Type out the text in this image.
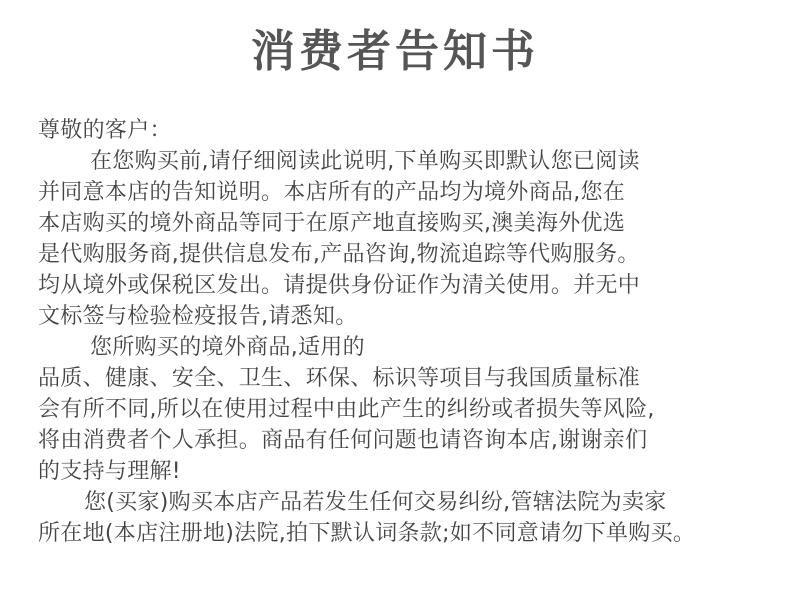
消费者告知书
尊敬的客户：
在您购买前,请仔细阅读此说明,下单购买即默认您已阅读
并同意本店的告知说明。本店所有的产品均为境外商品,您在
本店购买的境外商品等同于在原产地直接购买,澳美海外优选
是代购服务商,提供信息发布,产品咨询,物流追踪等代购服务。
均从境外或保税区发出。请提供身份证作为清关使用。并无中
文标签与检验检疫报告,请悉知。
您所购买的境外商品,适用的
品质、健康、安全、卫生、环保、标识等项目与我国质量标准
会有所不同,所以在使用过程中由此产生的纠纷或者损失等风险,
将由消费者个人承担。商品有任何问题也请咨询本店,谢谢亲们
的支持与理解!
您(买家)购买本店产品若发生任何交易纠纷,管辖法院为卖家
所在地(本店注册地)法院,拍下默认词条款;如不同意请勿下单购买。
